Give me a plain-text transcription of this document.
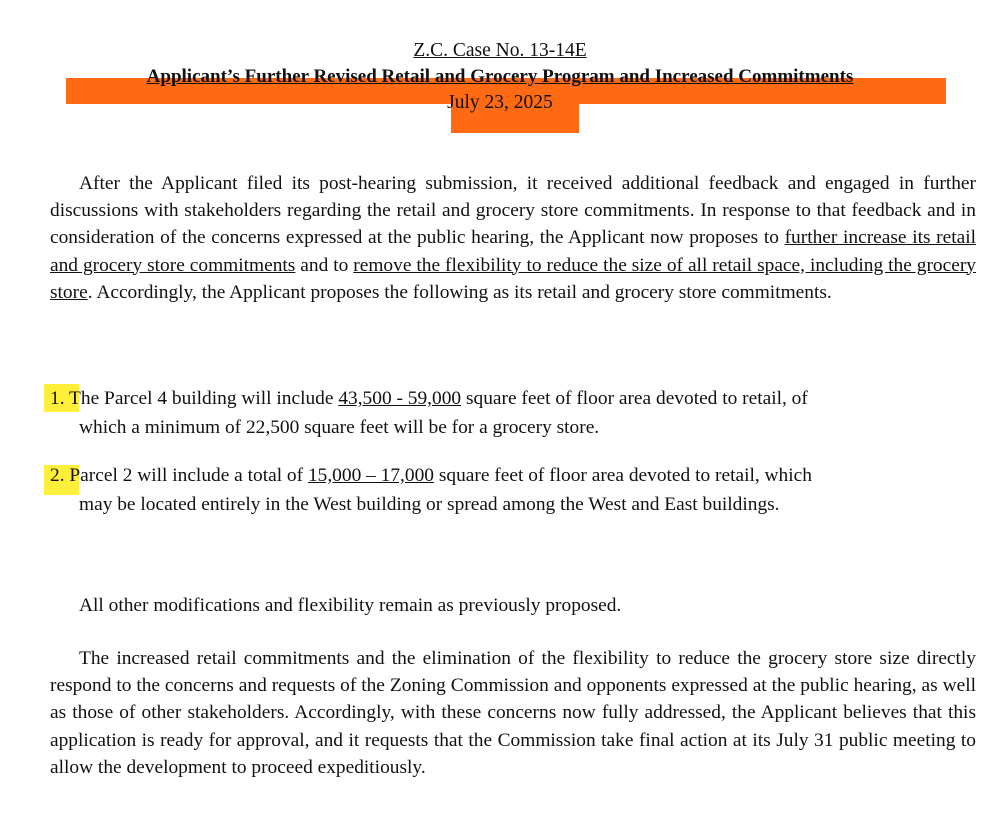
Z.C. Case No. 13-14E
Applicant’s Further Revised Retail and Grocery Program and Increased Commitments
July 23, 2025

After the Applicant filed its post-hearing submission, it received additional feedback and engaged in further discussions with stakeholders regarding the retail and grocery store commitments. In response to that feedback and in consideration of the concerns expressed at the public hearing, the Applicant now proposes to further increase its retail and grocery store commitments and to remove the flexibility to reduce the size of all retail space, including the grocery store. Accordingly, the Applicant proposes the following as its retail and grocery store commitments.

1. The Parcel 4 building will include 43,500 - 59,000 square feet of floor area devoted to retail, of
which a minimum of 22,500 square feet will be for a grocery store.
2. Parcel 2 will include a total of 15,000 – 17,000 square feet of floor area devoted to retail, which
may be located entirely in the West building or spread among the West and East buildings.

All other modifications and flexibility remain as previously proposed.

The increased retail commitments and the elimination of the flexibility to reduce the grocery store size directly respond to the concerns and requests of the Zoning Commission and opponents expressed at the public hearing, as well as those of other stakeholders. Accordingly, with these concerns now fully addressed, the Applicant believes that this application is ready for approval, and it requests that the Commission take final action at its July 31 public meeting to allow the development to proceed expeditiously.
